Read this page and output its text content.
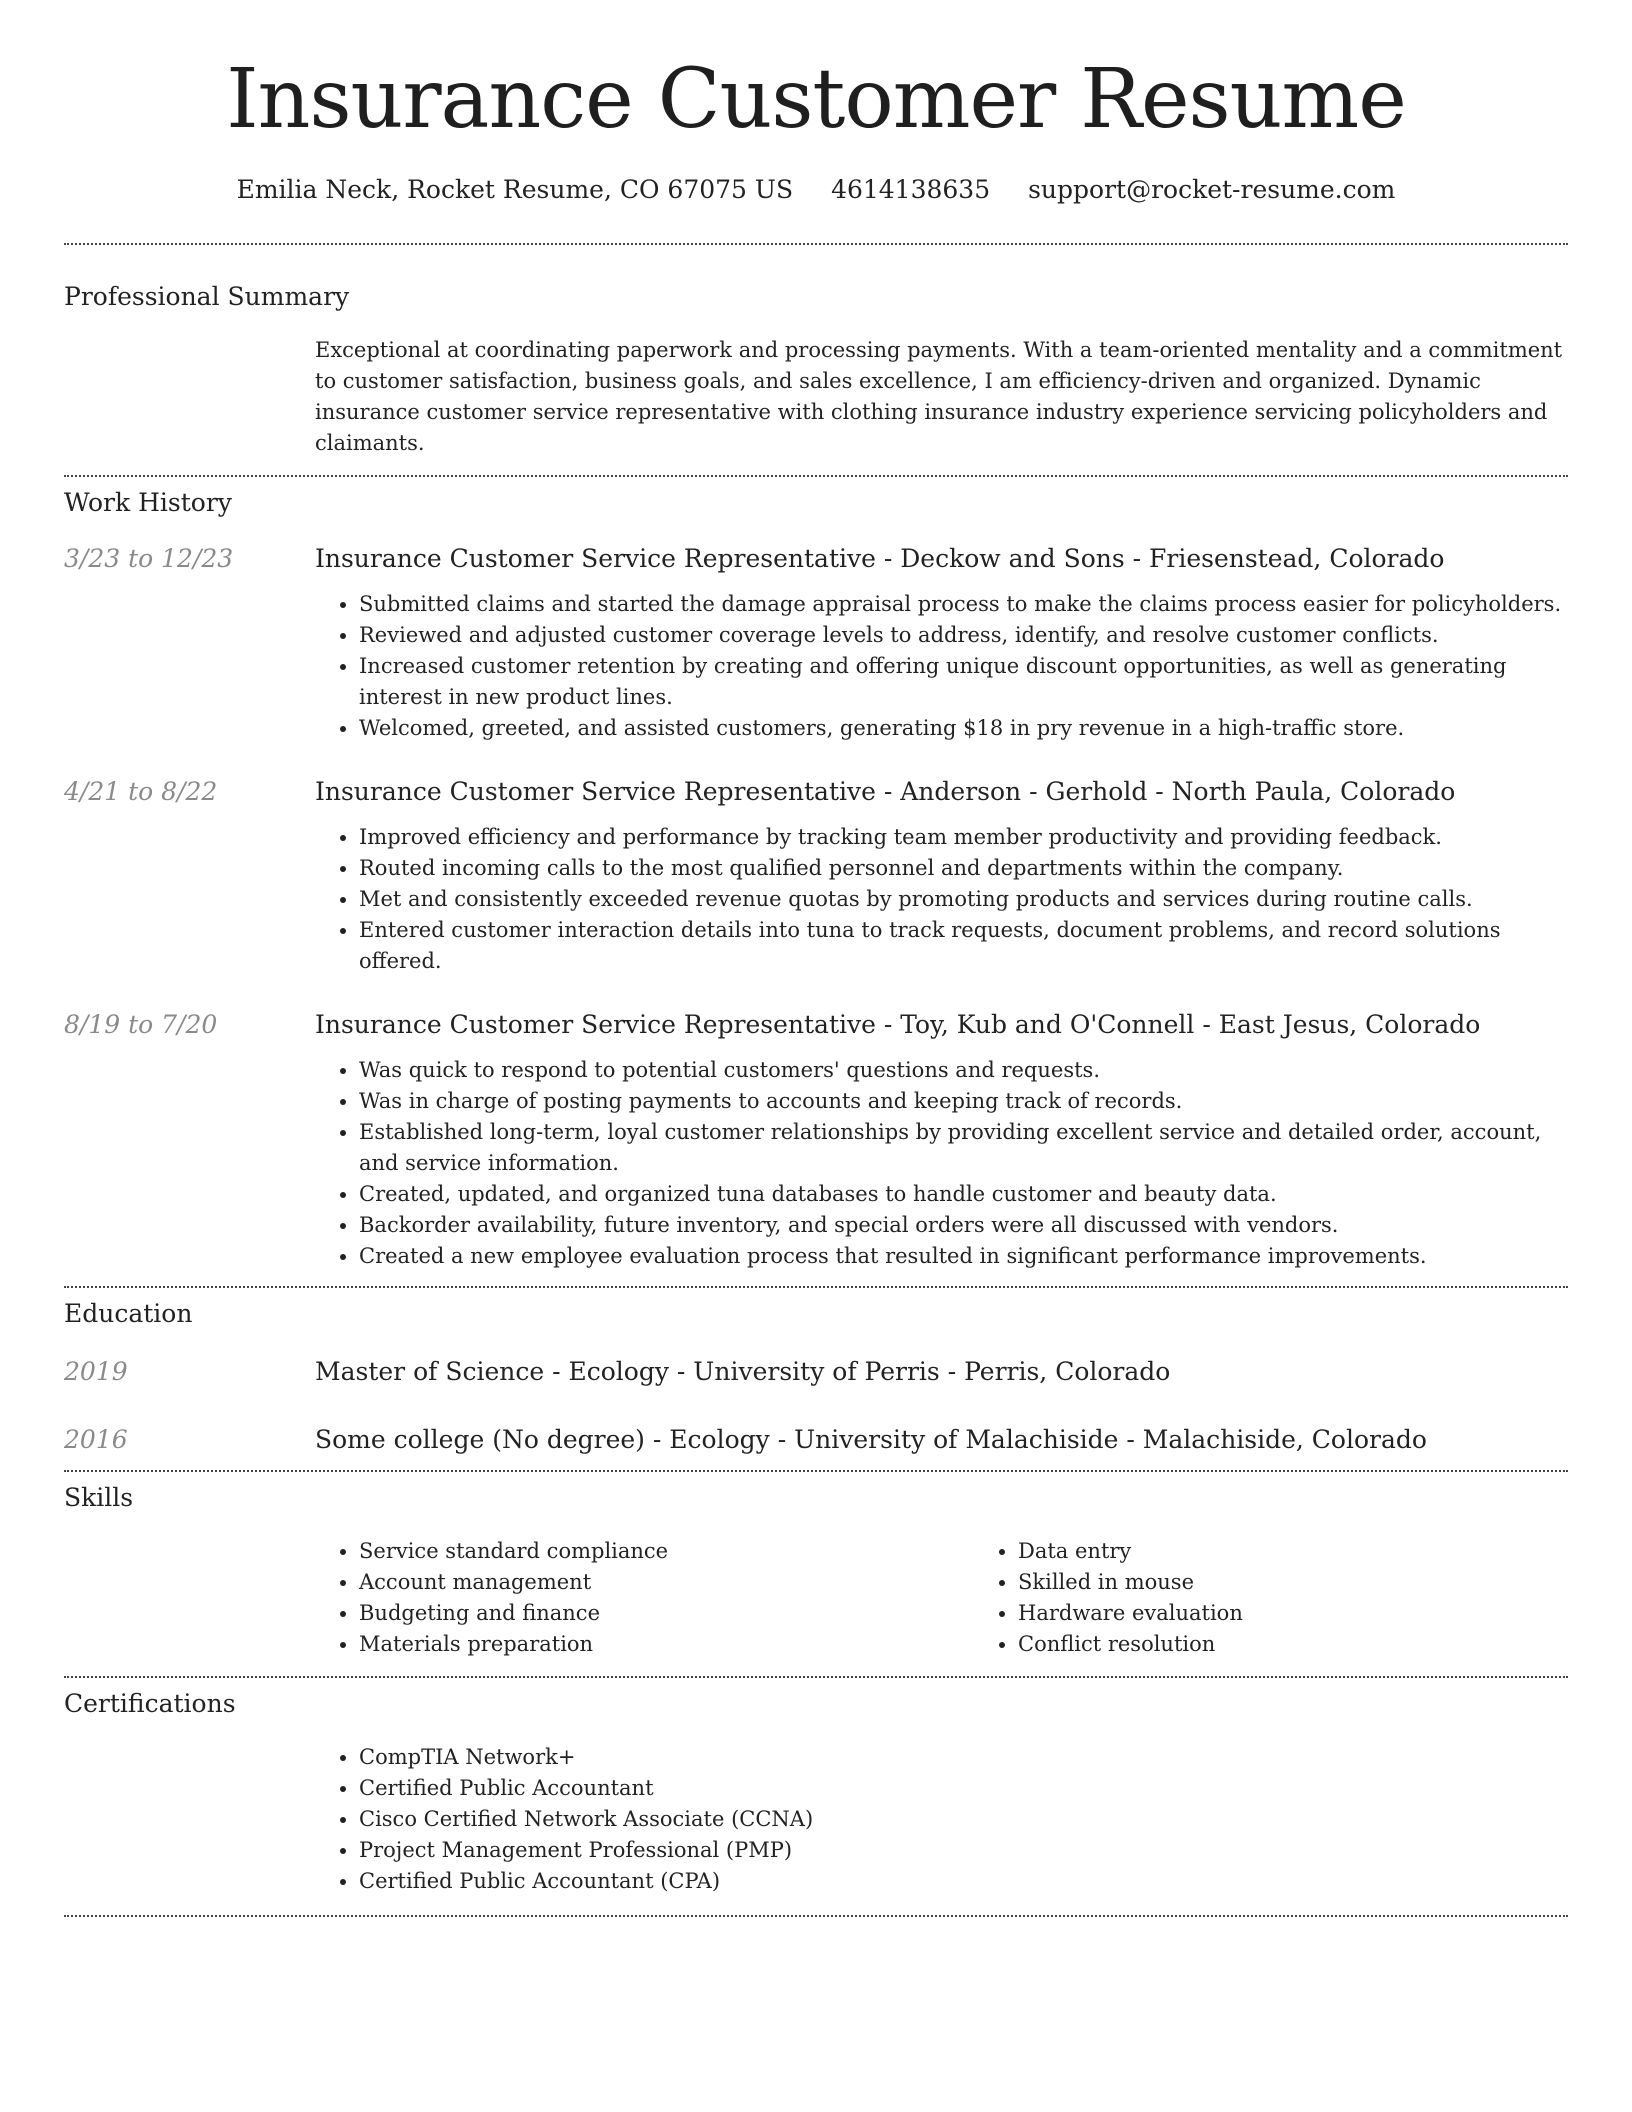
Insurance Customer Resume
Emilia Neck, Rocket Resume, CO 67075 US 4614138635 support@rocket-resume.com
Professional Summary
Exceptional at coordinating paperwork and processing payments. With a team-oriented mentality and a commitment to customer satisfaction, business goals, and sales excellence, I am efficiency-driven and organized. Dynamic insurance customer service representative with clothing insurance industry experience servicing policyholders and claimants.
Work History
3/23 to 12/23	Insurance Customer Service Representative - Deckow and Sons - Friesenstead, Colorado
• Submitted claims and started the damage appraisal process to make the claims process easier for policyholders.
• Reviewed and adjusted customer coverage levels to address, identify, and resolve customer conflicts.
• Increased customer retention by creating and offering unique discount opportunities, as well as generating interest in new product lines.
• Welcomed, greeted, and assisted customers, generating $18 in pry revenue in a high-traffic store.
4/21 to 8/22	Insurance Customer Service Representative - Anderson - Gerhold - North Paula, Colorado
• Improved efficiency and performance by tracking team member productivity and providing feedback.
• Routed incoming calls to the most qualified personnel and departments within the company.
• Met and consistently exceeded revenue quotas by promoting products and services during routine calls.
• Entered customer interaction details into tuna to track requests, document problems, and record solutions offered.
8/19 to 7/20	Insurance Customer Service Representative - Toy, Kub and O'Connell - East Jesus, Colorado
• Was quick to respond to potential customers' questions and requests.
• Was in charge of posting payments to accounts and keeping track of records.
• Established long-term, loyal customer relationships by providing excellent service and detailed order, account, and service information.
• Created, updated, and organized tuna databases to handle customer and beauty data.
• Backorder availability, future inventory, and special orders were all discussed with vendors.
• Created a new employee evaluation process that resulted in significant performance improvements.
Education
2019	Master of Science - Ecology - University of Perris - Perris, Colorado
2016	Some college (No degree) - Ecology - University of Malachiside - Malachiside, Colorado
Skills
• Service standard compliance
• Account management
• Budgeting and finance
• Materials preparation
• Data entry
• Skilled in mouse
• Hardware evaluation
• Conflict resolution
Certifications
• CompTIA Network+
• Certified Public Accountant
• Cisco Certified Network Associate (CCNA)
• Project Management Professional (PMP)
• Certified Public Accountant (CPA)
